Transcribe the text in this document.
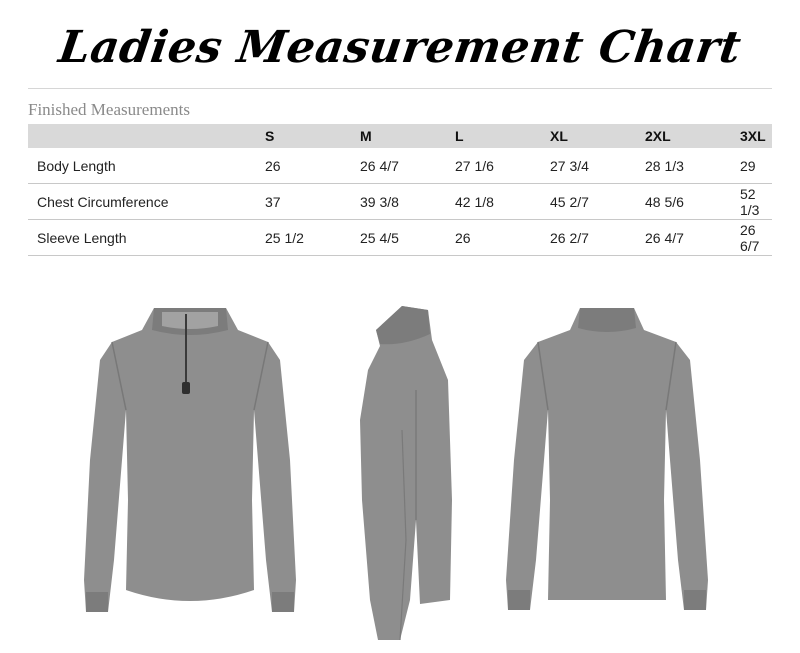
Ladies Measurement Chart
Finished Measurements
	S	M	L	XL	2XL	3XL
Body Length	26	26 4/7	27 1/6	27 3/4	28 1/3	29
Chest Circumference	37	39 3/8	42 1/8	45 2/7	48 5/6	52 1/3
Sleeve Length	25 1/2	25 4/5	26	26 2/7	26 4/7	26 6/7
